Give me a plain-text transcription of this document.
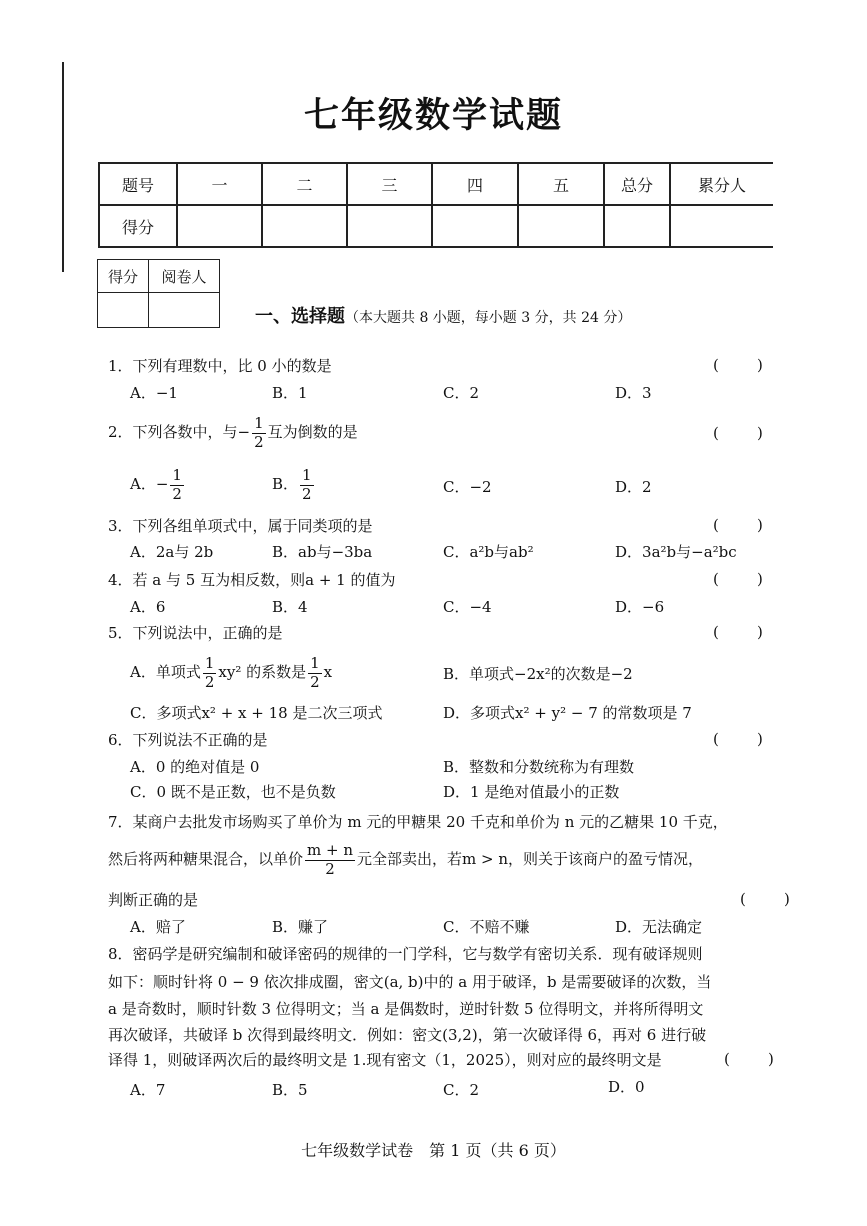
七年级数学试题
题号	一	二	三	四	五	总分	累分人
得分							
得分	阅卷人

一、选择题（本大题共 8 小题，每小题 3 分，共 24 分）
1．下列有理数中，比 0 小的数是	(	)
A．−1	B．1	C．2	D．3
2．下列各数中，与− $\frac{1}{2}$ 互为倒数的是	(	)
A．− $\frac{1}{2}$	B． $\frac{1}{2}$	C．−2	D．2
3．下列各组单项式中，属于同类项的是	(	)
A．2a与 2b	B．ab与−3ba	C．a²b与ab²	D．3a²b与−a²bc
4．若 a 与 5 互为相反数，则a + 1 的值为	(	)
A．6	B．4	C．−4	D．−6
5．下列说法中，正确的是	(	)
A．单项式 $\frac{1}{2} xy^2$ 的系数是 $\frac{1}{2}$ x	B．单项式−2x²的次数是−2
C．多项式x² + x + 18 是二次三项式	D．多项式x² + y² − 7 的常数项是 7
6．下列说法不正确的是	(	)
A．0 的绝对值是 0	B．整数和分数统称为有理数
C．0 既不是正数，也不是负数	D．1 是绝对值最小的正数
7．某商户去批发市场购买了单价为 m 元的甲糖果 20 千克和单价为 n 元的乙糖果 10 千克，
然后将两种糖果混合，以单价 $\frac{m + n}{2}$ 元全部卖出，若m > n，则关于该商户的盈亏情况，
判断正确的是	(	)
A．赔了	B．赚了	C．不赔不赚	D．无法确定
8．密码学是研究编制和破译密码的规律的一门学科，它与数学有密切关系．现有破译规则
如下：顺时针将 0 − 9 依次排成圈，密文(a, b)中的 a 用于破译，b 是需要破译的次数，当
a 是奇数时，顺时针数 3 位得明文；当 a 是偶数时，逆时针数 5 位得明文，并将所得明文
再次破译，共破译 b 次得到最终明文．例如：密文(3,2)，第一次破译得 6，再对 6 进行破
译得 1，则破译两次后的最终明文是 1.现有密文（1，2025），则对应的最终明文是	(	)
A．7	B．5	C．2	D．0
七年级数学试卷　第 1 页（共 6 页）
